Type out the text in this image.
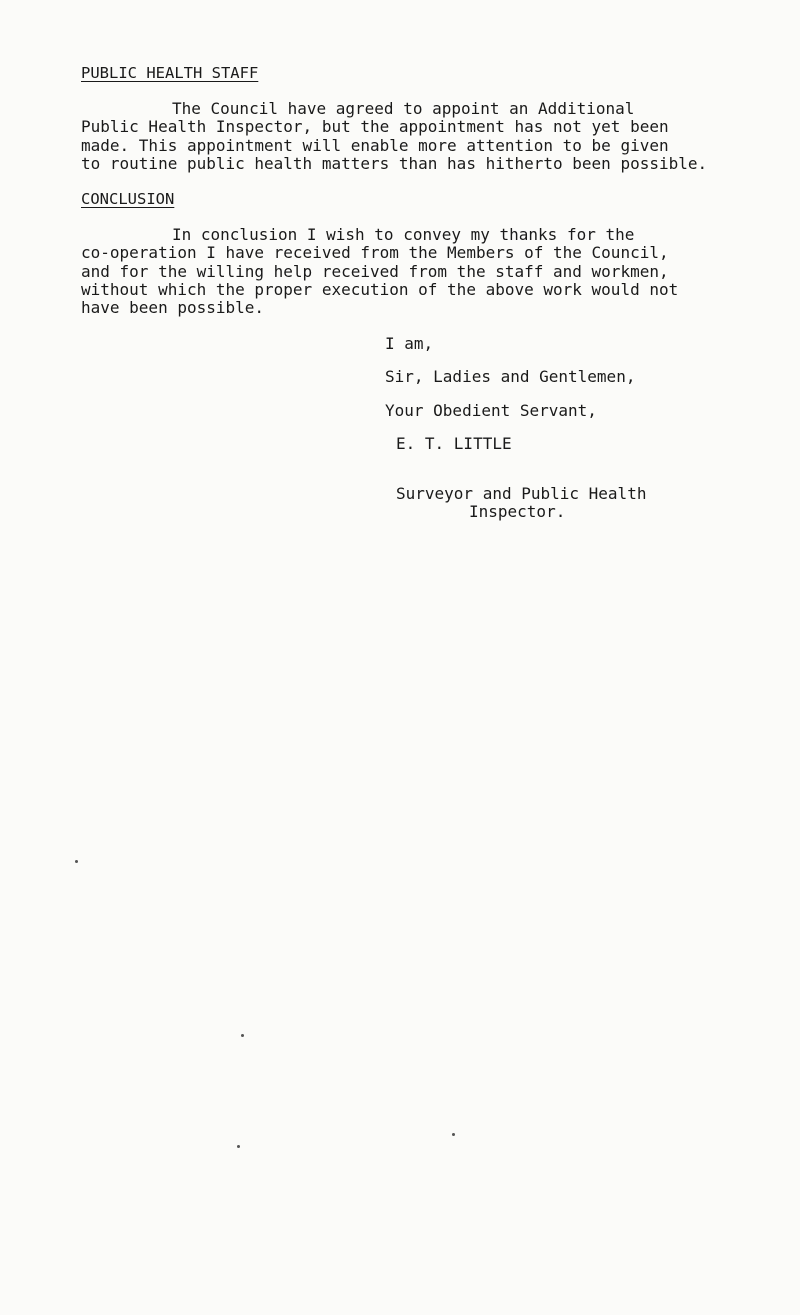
PUBLIC HEALTH STAFF
The Council have agreed to appoint an Additional
Public Health Inspector, but the appointment has not yet been
made. This appointment will enable more attention to be given
to routine public health matters than has hitherto been possible.
CONCLUSION
In conclusion I wish to convey my thanks for the
co-operation I have received from the Members of the Council,
and for the willing help received from the staff and workmen,
without which the proper execution of the above work would not
have been possible.
I am,
Sir, Ladies and Gentlemen,
Your Obedient Servant,
E. T. LITTLE
Surveyor and Public Health
Inspector.
